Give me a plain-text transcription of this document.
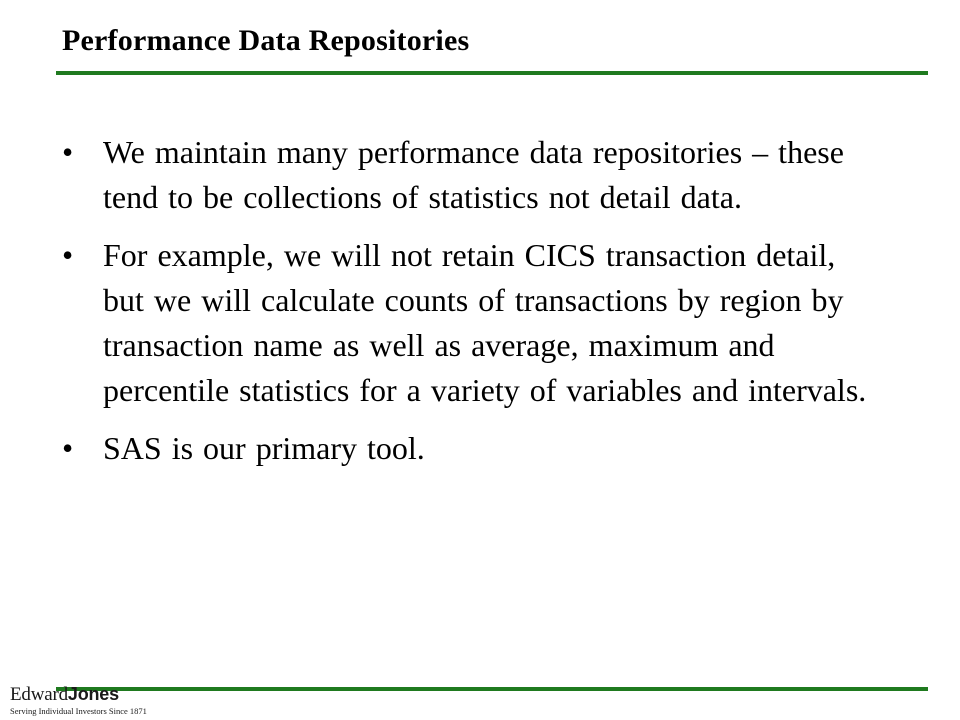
Performance Data Repositories
• We maintain many performance data repositories – these tend to be collections of statistics not detail data.
• For example, we will not retain CICS transaction detail, but we will calculate counts of transactions by region by transaction name as well as average, maximum and percentile statistics for a variety of variables and intervals.
• SAS is our primary tool.
EdwardJones
Serving Individual Investors Since 1871
